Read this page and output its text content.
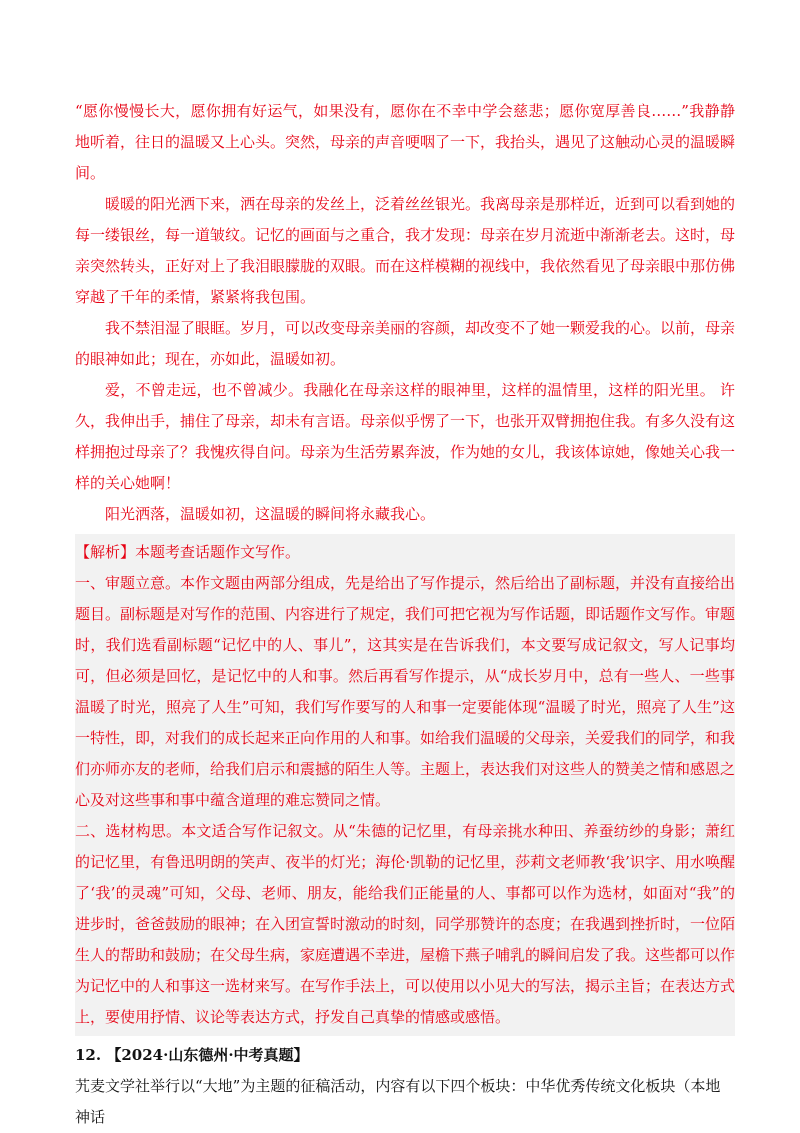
“愿你慢慢长大，愿你拥有好运气，如果没有，愿你在不幸中学会慈悲；愿你宽厚善良……”我静静地听着，往日的温暖又上心头。突然，母亲的声音哽咽了一下，我抬头，遇见了这触动心灵的温暖瞬间。

暖暖的阳光洒下来，洒在母亲的发丝上，泛着丝丝银光。我离母亲是那样近，近到可以看到她的每一缕银丝，每一道皱纹。记忆的画面与之重合，我才发现：母亲在岁月流逝中渐渐老去。这时，母亲突然转头，正好对上了我泪眼朦胧的双眼。而在这样模糊的视线中，我依然看见了母亲眼中那仿佛穿越了千年的柔情，紧紧将我包围。

我不禁泪湿了眼眶。岁月，可以改变母亲美丽的容颜，却改变不了她一颗爱我的心。以前，母亲的眼神如此；现在，亦如此，温暖如初。

爱，不曾走远，也不曾减少。我融化在母亲这样的眼神里，这样的温情里，这样的阳光里。 许久，我伸出手，捕住了母亲，却未有言语。母亲似乎愣了一下，也张开双臂拥抱住我。有多久没有这样拥抱过母亲了？我愧疚得自问。母亲为生活劳累奔波，作为她的女儿，我该体谅她，像她关心我一样的关心她啊！

阳光洒落，温暖如初，这温暖的瞬间将永藏我心。

【解析】本题考查话题作文写作。

一、审题立意。本作文题由两部分组成，先是给出了写作提示，然后给出了副标题，并没有直接给出题目。副标题是对写作的范围、内容进行了规定，我们可把它视为写作话题，即话题作文写作。审题时，我们选看副标题“记忆中的人、事儿”，这其实是在告诉我们，本文要写成记叙文，写人记事均可，但必须是回忆，是记忆中的人和事。然后再看写作提示，从“成长岁月中，总有一些人、一些事温暖了时光，照亮了人生”可知，我们写作要写的人和事一定要能体现“温暖了时光，照亮了人生”这一特性，即，对我们的成长起来正向作用的人和事。如给我们温暖的父母亲，关爱我们的同学，和我们亦师亦友的老师，给我们启示和震撼的陌生人等。主题上，表达我们对这些人的赞美之情和感恩之心及对这些事和事中蕴含道理的难忘赞同之情。

二、选材构思。本文适合写作记叙文。从“朱德的记忆里，有母亲挑水种田、养蚕纺纱的身影；萧红的记忆里，有鲁迅明朗的笑声、夜半的灯光；海伦·凯勒的记忆里，莎莉文老师教‘我’识字、用水唤醒了‘我’的灵魂”可知，父母、老师、朋友，能给我们正能量的人、事都可以作为选材，如面对“我”的进步时，爸爸鼓励的眼神；在入团宣誓时激动的时刻，同学那赞许的态度；在我遇到挫折时，一位陌生人的帮助和鼓励；在父母生病，家庭遭遇不幸进，屋檐下燕子哺乳的瞬间启发了我。这些都可以作为记忆中的人和事这一选材来写。在写作手法上，可以使用以小见大的写法，揭示主旨；在表达方式上，要使用抒情、议论等表达方式，抒发自己真挚的情感或感悟。

12. 【2024·山东德州·中考真题】

艽麦文学社举行以“大地”为主题的征稿活动，内容有以下四个板块：中华优秀传统文化板块（本地神话
